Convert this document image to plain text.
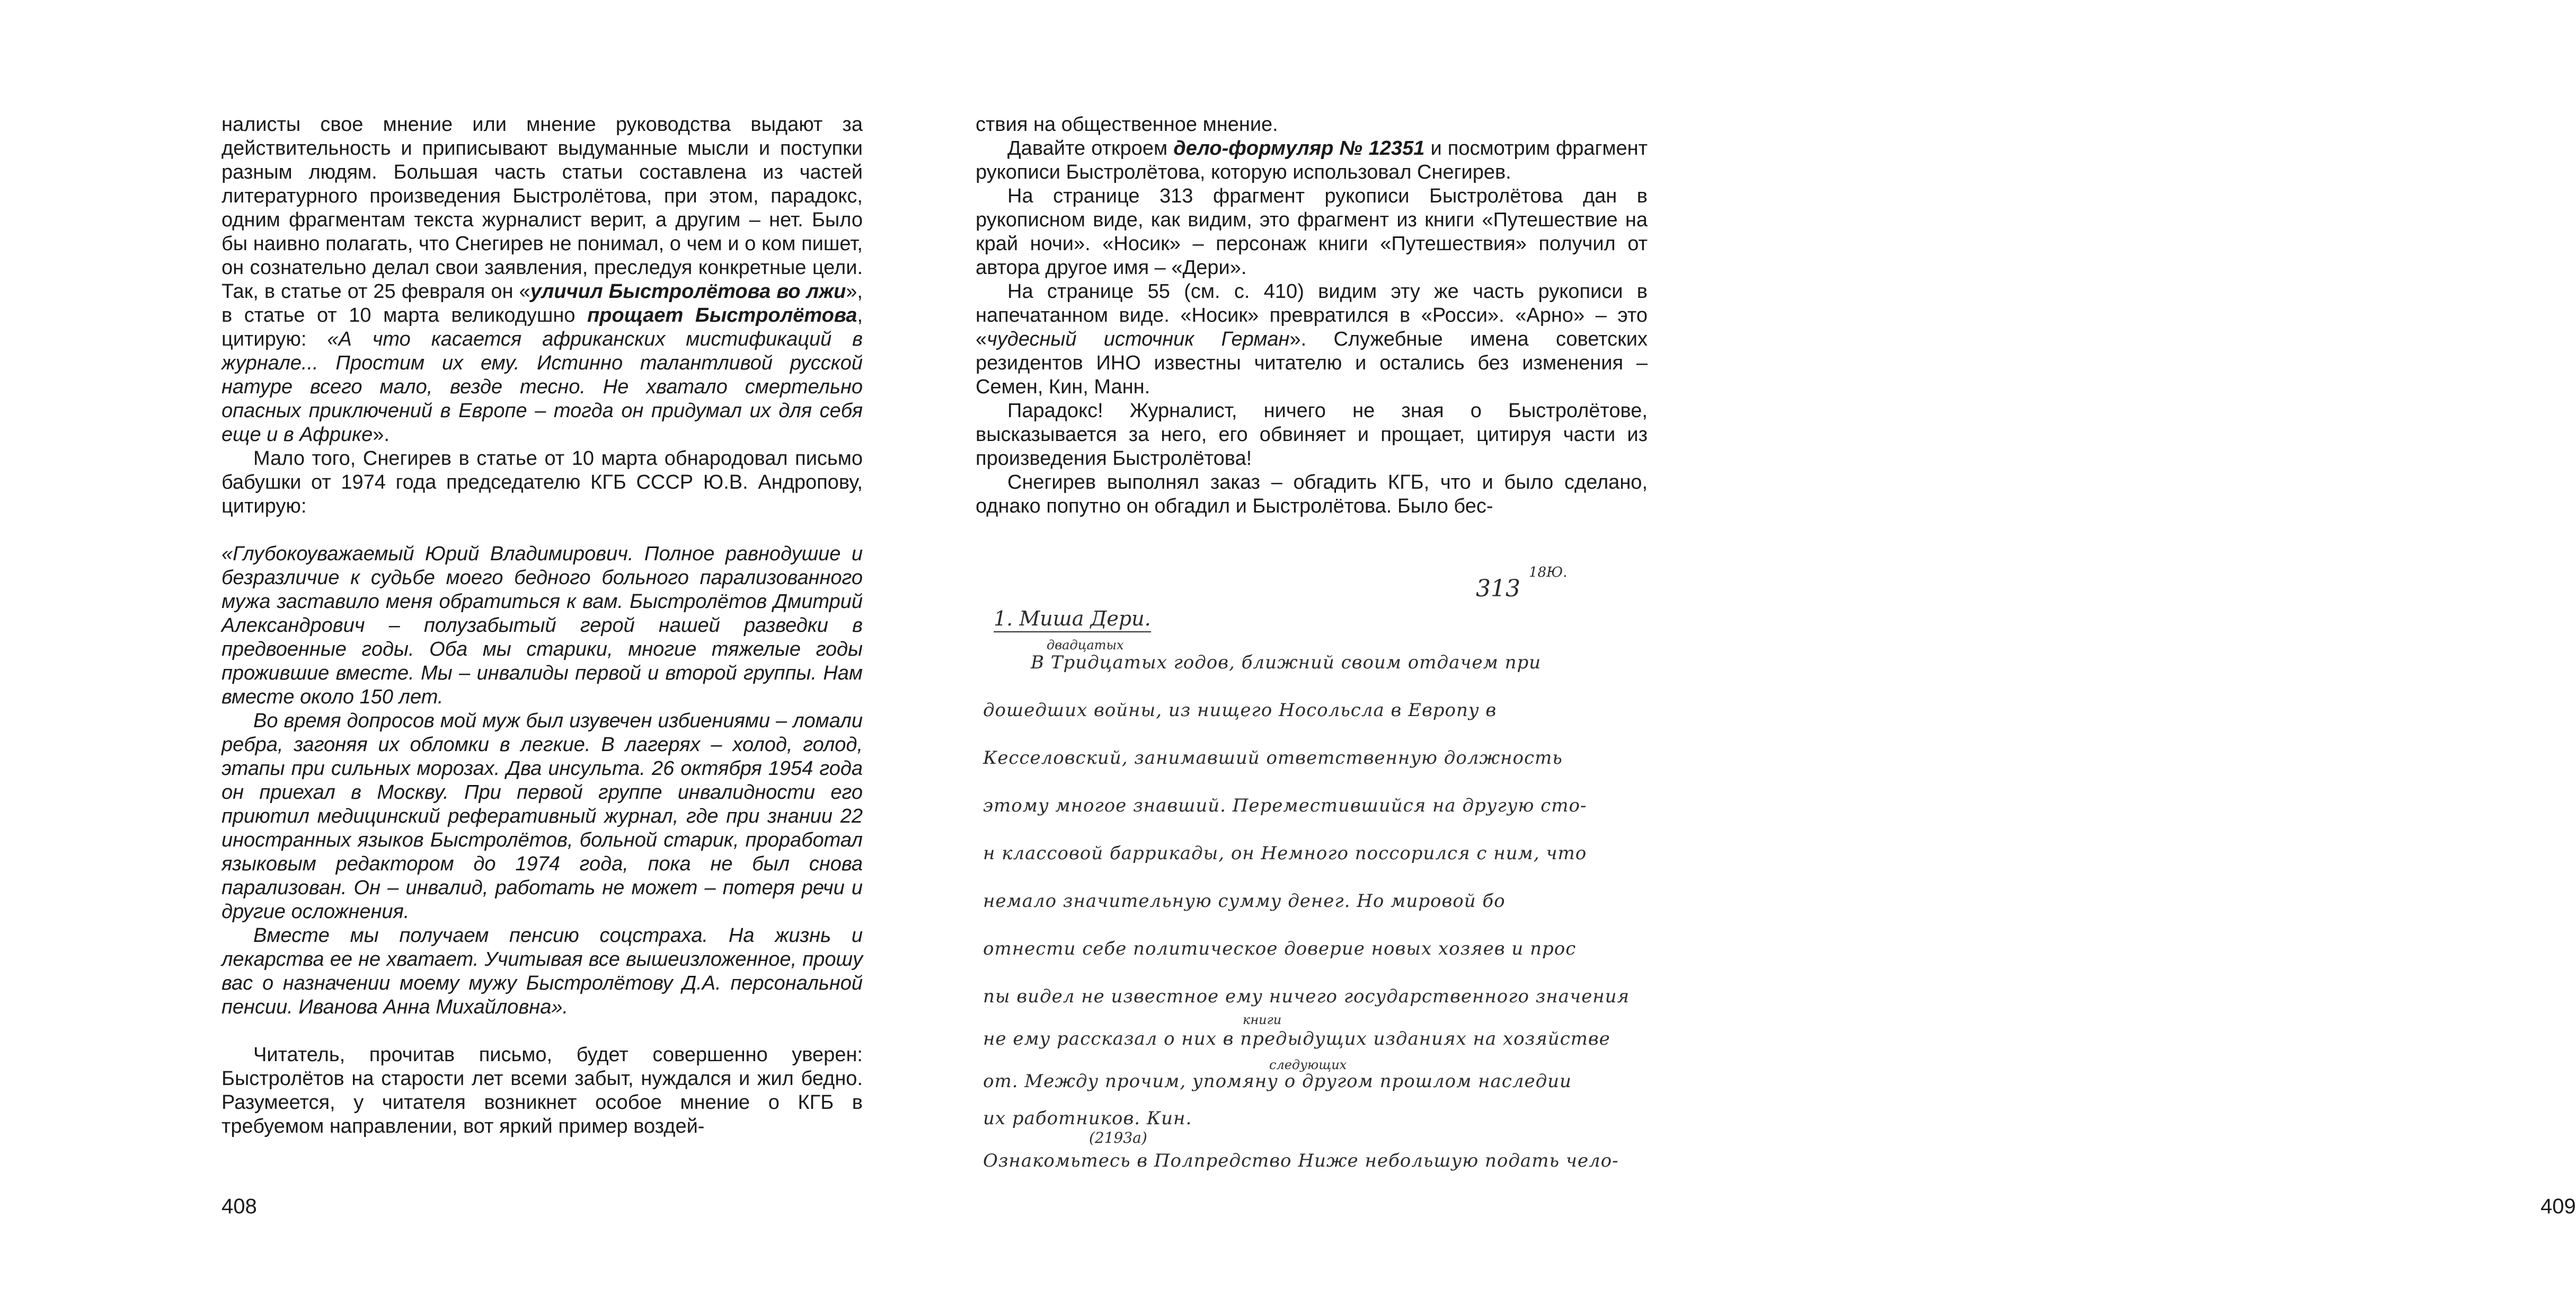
налисты свое мнение или мнение руководства выдают за действительность и приписывают выдуманные мысли и поступки разным людям. Большая часть статьи составлена из частей литературного произведения Быстролётова, при этом, парадокс, одним фрагментам текста журналист верит, а другим – нет. Было бы наивно полагать, что Снегирев не понимал, о чем и о ком пишет, он сознательно делал свои заявления, преследуя конкретные цели. Так, в статье от 25 февраля он «уличил Быстролётова во лжи», в статье от 10 марта великодушно прощает Быстролётова, цитирую: «А что касается африканских мистификаций в журнале... Простим их ему. Истинно талантливой русской натуре всего мало, везде тесно. Не хватало смертельно опасных приключений в Европе – тогда он придумал их для себя еще и в Африке».

Мало того, Снегирев в статье от 10 марта обнародовал письмо бабушки от 1974 года председателю КГБ СССР Ю.В. Андропову, цитирую:

«Глубокоуважаемый Юрий Владимирович. Полное равнодушие и безразличие к судьбе моего бедного больного парализованного мужа заставило меня обратиться к вам. Быстролётов Дмитрий Александрович – полузабытый герой нашей разведки в предвоенные годы. Оба мы старики, многие тяжелые годы прожившие вместе. Мы – инвалиды первой и второй группы. Нам вместе около 150 лет.

Во время допросов мой муж был изувечен избиениями – ломали ребра, загоняя их обломки в легкие. В лагерях – холод, голод, этапы при сильных морозах. Два инсульта. 26 октября 1954 года он приехал в Москву. При первой группе инвалидности его приютил медицинский реферативный журнал, где при знании 22 иностранных языков Быстролётов, больной старик, проработал языковым редактором до 1974 года, пока не был снова парализован. Он – инвалид, работать не может – потеря речи и другие осложнения.

Вместе мы получаем пенсию соцстраха. На жизнь и лекарства ее не хватает. Учитывая все вышеизложенное, прошу вас о назначении моему мужу Быстролётову Д.А. персональной пенсии. Иванова Анна Михайловна».

Читатель, прочитав письмо, будет совершенно уверен: Быстролётов на старости лет всеми забыт, нуждался и жил бедно. Разумеется, у читателя возникнет особое мнение о КГБ в требуемом направлении, вот яркий пример воздей-

408

ствия на общественное мнение.

Давайте откроем дело-формуляр № 12351 и посмотрим фрагмент рукописи Быстролётова, которую использовал Снегирев.

На странице 313 фрагмент рукописи Быстролётова дан в рукописном виде, как видим, это фрагмент из книги «Путешествие на край ночи». «Носик» – персонаж книги «Путешествия» получил от автора другое имя – «Дери».

На странице 55 (см. с. 410) видим эту же часть рукописи в напечатанном виде. «Носик» превратился в «Росси». «Арно» – это «чудесный источник Герман». Служебные имена советских резидентов ИНО известны читателю и остались без изменения – Семен, Кин, Манн.

Парадокс! Журналист, ничего не зная о Быстролётове, высказывается за него, его обвиняет и прощает, цитируя части из произведения Быстролётова!

Снегирев выполнял заказ – обгадить КГБ, что и было сделано, однако попутно он обгадил и Быстролётова. Было бес-

313
18Ю.
1. Миша Дери.
двадцатых
В Тридцатых годов, ближний своим отдачем при
дошедших войны, из нищего Носольсла в Европу в
Кесселовский, занимавший ответственную должность
этому многое знавший. Переместившийся на другую сто-
н классовой баррикады, он Немного поссорился с ним, что
немало значительную сумму денег. Но мировой бо
отнести себе политическое доверие новых хозяев и прос
пы видел не известное ему ничего государственного значения
книги
не ему рассказал о них в предыдущих изданиях на хозяйстве
следующих
от. Между прочим, упомяну о другом прошлом наследии
их работников. Кин.
(2193а)
Ознакомьтесь в Полпредство Ниже небольшую подать чело-
409
